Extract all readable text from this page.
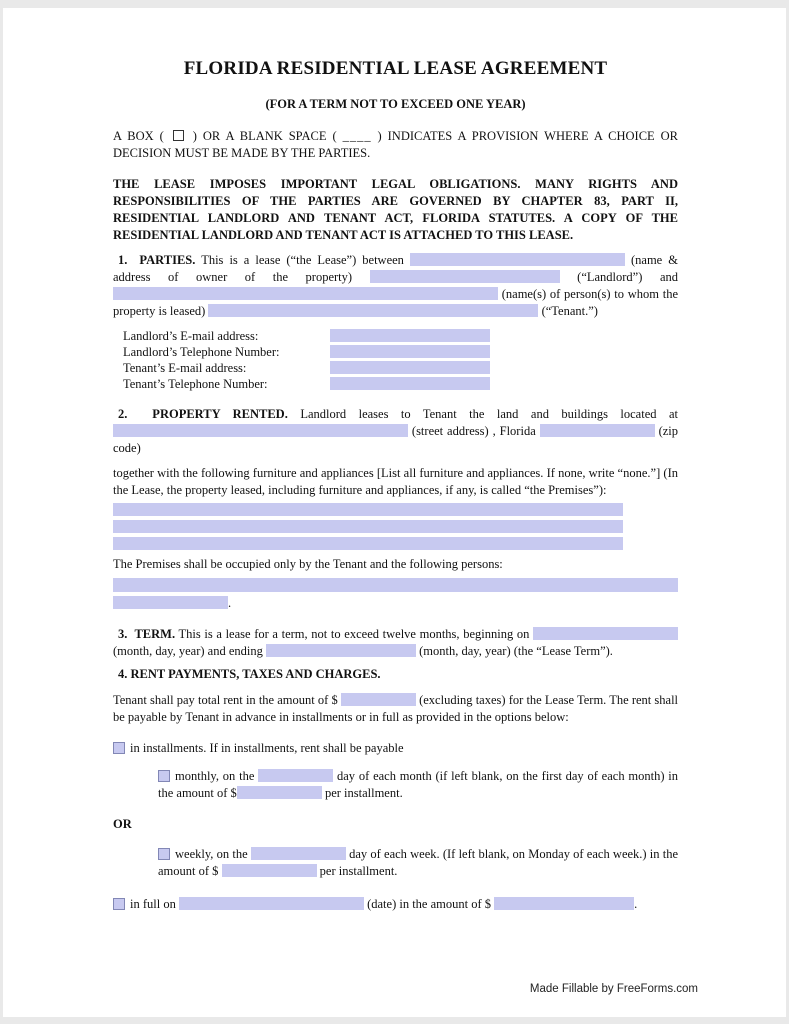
FLORIDA RESIDENTIAL LEASE AGREEMENT
(FOR A TERM NOT TO EXCEED ONE YEAR)

A BOX ( ) OR A BLANK SPACE ( ____ ) INDICATES A PROVISION WHERE A CHOICE OR DECISION MUST BE MADE BY THE PARTIES.

THE LEASE IMPOSES IMPORTANT LEGAL OBLIGATIONS. MANY RIGHTS AND RESPONSIBILITIES OF THE PARTIES ARE GOVERNED BY CHAPTER 83, PART II, RESIDENTIAL LANDLORD AND TENANT ACT, FLORIDA STATUTES. A COPY OF THE RESIDENTIAL LANDLORD AND TENANT ACT IS ATTACHED TO THIS LEASE.

1.  PARTIES. This is a lease (“the Lease”) between	(name & address of owner of the property)	(“Landlord”) and  (name(s) of person(s) to whom the property is leased)	(“Tenant.”)

Landlord’s E-mail address:
Landlord’s Telephone Number:
Tenant’s E-mail address:
Tenant’s Telephone Number:

2.  PROPERTY RENTED. Landlord leases to Tenant the land and buildings located at  (street address) , Florida	(zip code)

together with the following furniture and appliances [List all furniture and appliances. If none, write “none.”] (In the Lease, the property leased, including furniture and appliances, if any, is called “the Premises”):

The Premises shall be occupied only by the Tenant and the following persons:

.

3.  TERM. This is a lease for a term, not to exceed twelve months, beginning on  (month, day, year) and ending	(month, day, year) (the “Lease Term”).

4. RENT PAYMENTS, TAXES AND CHARGES.

Tenant shall pay total rent in the amount of $	(excluding taxes) for the Lease Term. The rent shall be payable by Tenant in advance in installments or in full as provided in the options below:

in installments. If in installments, rent shall be payable

monthly, on the	day of each month (if left blank, on the first day of each month) in the amount of $	per installment.

OR

weekly, on the	day of each week. (If left blank, on Monday of each week.) in the amount of $	per installment.

in full on	(date) in the amount of $	.

Made Fillable by FreeForms.com
